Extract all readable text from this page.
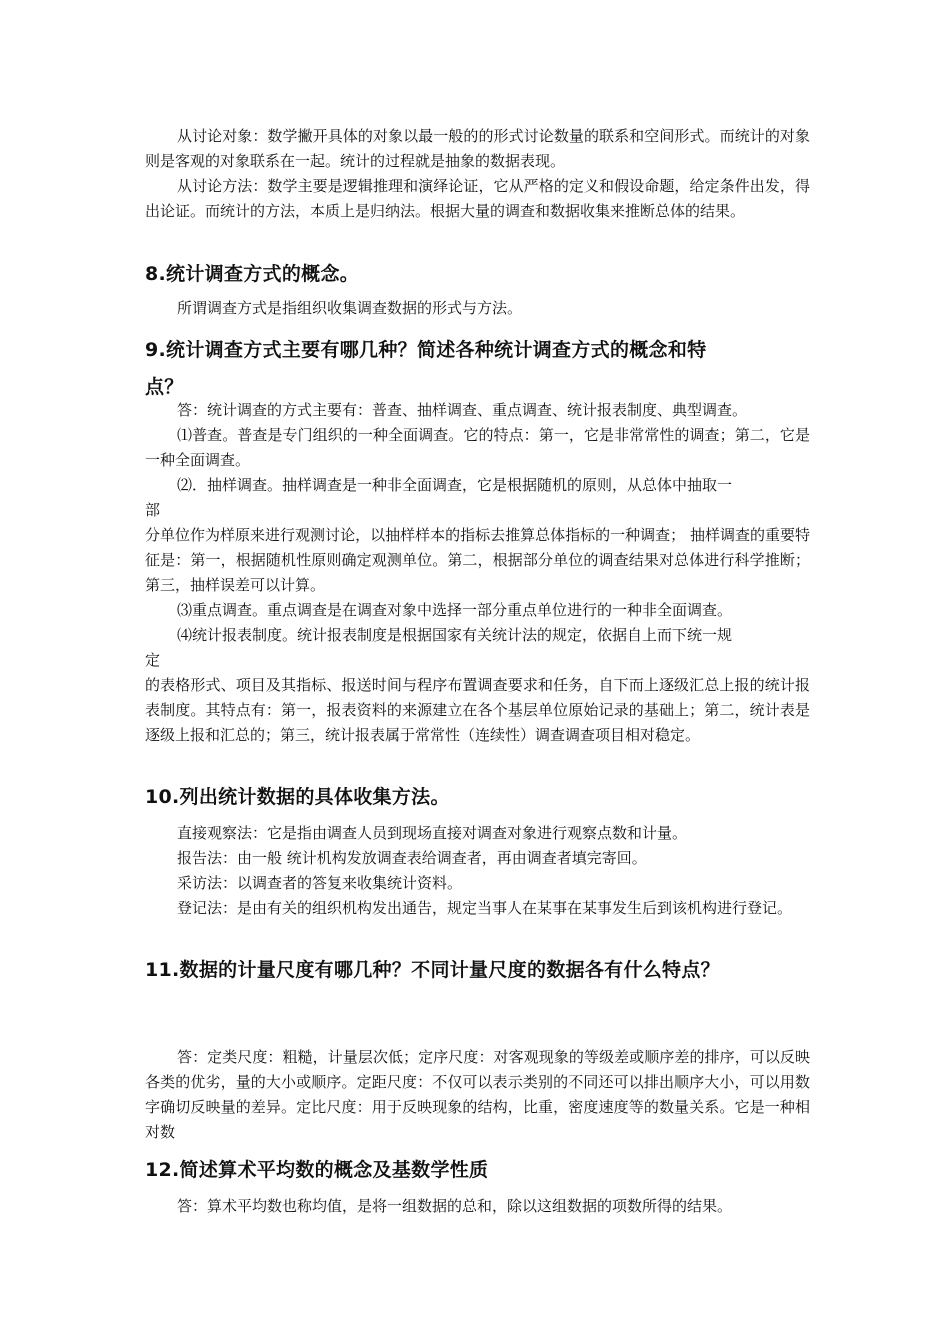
从讨论对象：数学撇开具体的对象以最一般的的形式讨论数量的联系和空间形式。而统计的对象则是客观的对象联系在一起。统计的过程就是抽象的数据表现。

从讨论方法：数学主要是逻辑推理和演绎论证，它从严格的定义和假设命题，给定条件出发，得出论证。而统计的方法，本质上是归纳法。根据大量的调查和数据收集来推断总体的结果。

8.统计调查方式的概念。

所谓调查方式是指组织收集调查数据的形式与方法。

9.统计调查方式主要有哪几种？简述各种统计调查方式的概念和特
点？

答：统计调查的方式主要有：普查、抽样调查、重点调查、统计报表制度、典型调查。

⑴普查。普查是专门组织的一种全面调查。它的特点：第一，它是非常常性的调查；第二，它是一种全面调查。

⑵．抽样调查。抽样调查是一种非全面调查，它是根据随机的原则，从总体中抽取一
部

分单位作为样原来进行观测讨论，以抽样样本的指标去推算总体指标的一种调查； 抽样调查的重要特征是：第一，根据随机性原则确定观测单位。第二，根据部分单位的调查结果对总体进行科学推断；第三，抽样误差可以计算。

⑶重点调查。重点调查是在调查对象中选择一部分重点单位进行的一种非全面调查。

⑷统计报表制度。统计报表制度是根据国家有关统计法的规定，依据自上而下统一规
定

的表格形式、项目及其指标、报送时间与程序布置调查要求和任务，自下而上逐级汇总上报的统计报表制度。其特点有：第一，报表资料的来源建立在各个基层单位原始记录的基础上；第二，统计表是逐级上报和汇总的；第三，统计报表属于常常性（连续性）调查调查项目相对稳定。

10.列出统计数据的具体收集方法。

直接观察法：它是指由调查人员到现场直接对调查对象进行观察点数和计量。

报告法：由一般 统计机构发放调查表给调查者，再由调查者填完寄回。

采访法：以调查者的答复来收集统计资料。

登记法：是由有关的组织机构发出通告，规定当事人在某事在某事发生后到该机构进行登记。

11.数据的计量尺度有哪几种？不同计量尺度的数据各有什么特点？

答：定类尺度：粗糙，计量层次低；定序尺度：对客观现象的等级差或顺序差的排序，可以反映各类的优劣，量的大小或顺序。定距尺度：不仅可以表示类别的不同还可以排出顺序大小，可以用数字确切反映量的差异。定比尺度：用于反映现象的结构，比重，密度速度等的数量关系。它是一种相对数

12.简述算术平均数的概念及基数学性质

答：算术平均数也称均值，是将一组数据的总和，除以这组数据的项数所得的结果。
